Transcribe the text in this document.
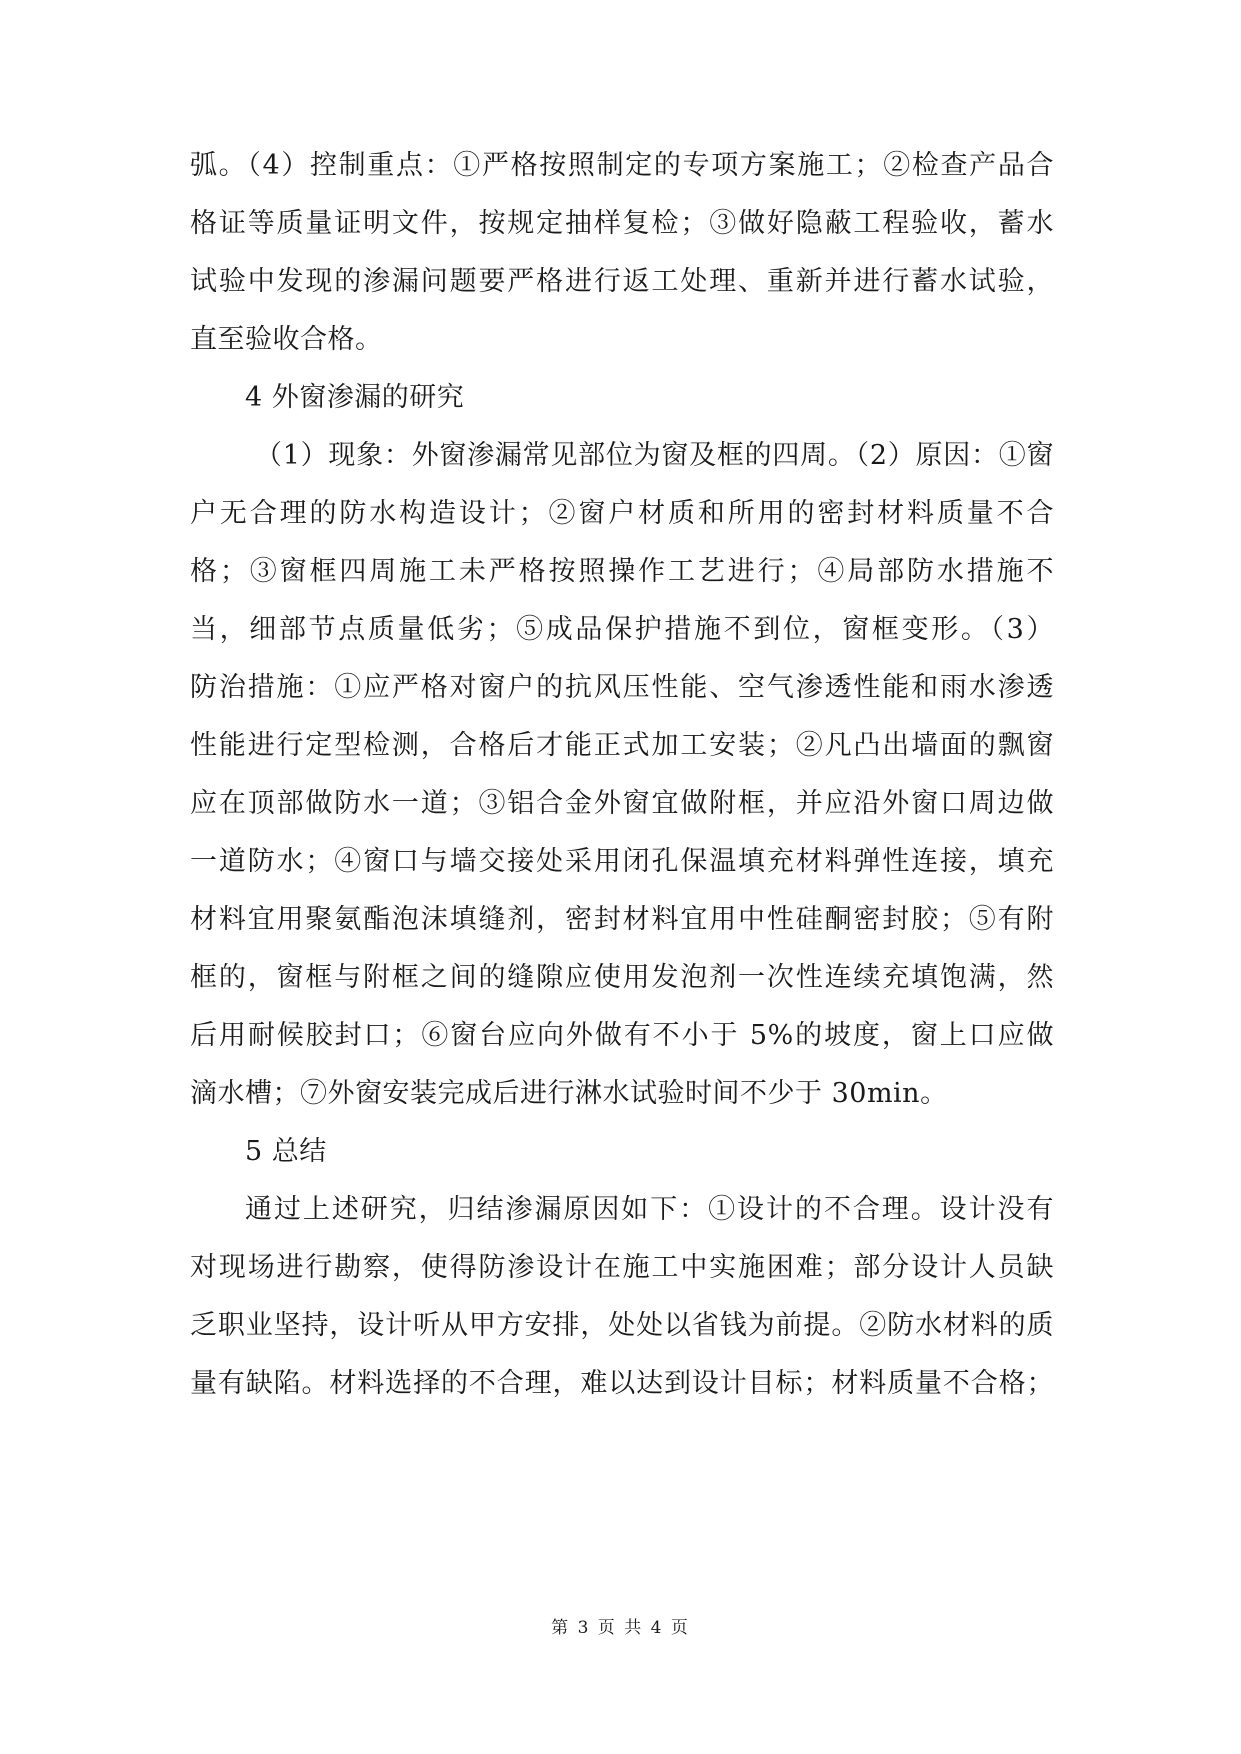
弧。（4）控制重点：①严格按照制定的专项方案施工；②检查产品合
格证等质量证明文件，按规定抽样复检；③做好隐蔽工程验收，蓄水
试验中发现的渗漏问题要严格进行返工处理、重新并进行蓄水试验，
直至验收合格。
4 外窗渗漏的研究
（1）现象：外窗渗漏常见部位为窗及框的四周。（2）原因：①窗
户无合理的防水构造设计；②窗户材质和所用的密封材料质量不合
格；③窗框四周施工未严格按照操作工艺进行；④局部防水措施不
当，细部节点质量低劣；⑤成品保护措施不到位，窗框变形。（3）
防治措施：①应严格对窗户的抗风压性能、空气渗透性能和雨水渗透
性能进行定型检测，合格后才能正式加工安装；②凡凸出墙面的飘窗
应在顶部做防水一道；③铝合金外窗宜做附框，并应沿外窗口周边做
一道防水；④窗口与墙交接处采用闭孔保温填充材料弹性连接，填充
材料宜用聚氨酯泡沫填缝剂，密封材料宜用中性硅酮密封胶；⑤有附
框的，窗框与附框之间的缝隙应使用发泡剂一次性连续充填饱满，然
后用耐候胶封口；⑥窗台应向外做有不小于 5%的坡度，窗上口应做
滴水槽；⑦外窗安装完成后进行淋水试验时间不少于 30min。
5 总结
通过上述研究，归结渗漏原因如下：①设计的不合理。设计没有
对现场进行勘察，使得防渗设计在施工中实施困难；部分设计人员缺
乏职业坚持，设计听从甲方安排，处处以省钱为前提。②防水材料的质
量有缺陷。材料选择的不合理，难以达到设计目标；材料质量不合格；
第 3 页 共 4 页
